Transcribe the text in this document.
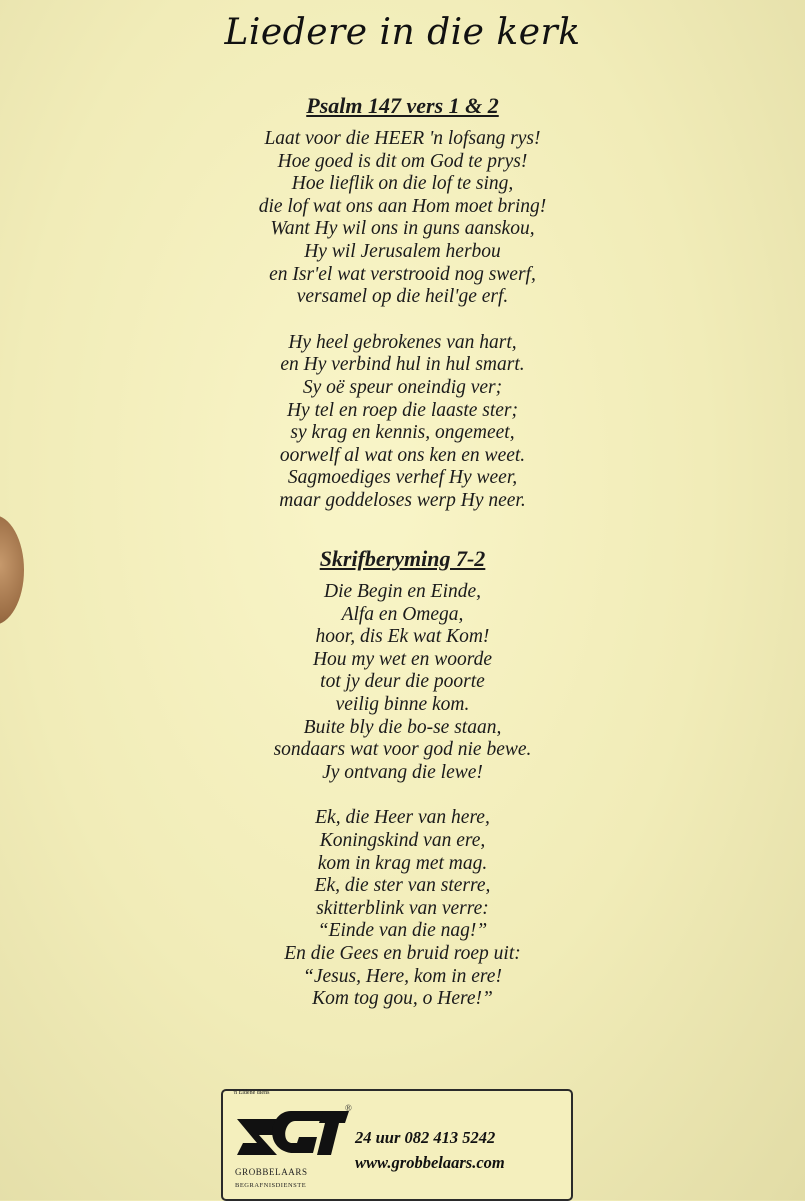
Liedere in die kerk
Psalm 147 vers 1 & 2
Laat voor die HEER 'n lofsang rys!
Hoe goed is dit om God te prys!
Hoe lieflik on die lof te sing,
die lof wat ons aan Hom moet bring!
Want Hy wil ons in guns aanskou,
Hy wil Jerusalem herbou
en Isr'el wat verstrooid nog swerf,
versamel op die heil'ge erf.
Hy heel gebrokenes van hart,
en Hy verbind hul in hul smart.
Sy oë speur oneindig ver;
Hy tel en roep die laaste ster;
sy krag en kennis, ongemeet,
oorwelf al wat ons ken en weet.
Sagmoediges verhef Hy weer,
maar goddeloses werp Hy neer.
Skrifberyming 7-2
Die Begin en Einde,
Alfa en Omega,
hoor, dis Ek wat Kom!
Hou my wet en woorde
tot jy deur die poorte
veilig binne kom.
Buite bly die bo-se staan,
sondaars wat voor god nie bewe.
Jy ontvang die lewe!
Ek, die Heer van here,
Koningskind van ere,
kom in krag met mag.
Ek, die ster van sterre,
skitterblink van verre:
“Einde van die nag!”
En die Gees en bruid roep uit:
“Jesus, Here, kom in ere!
Kom tog gou, o Here!”
'n Eldene diens
®
GROBBELAARS
BEGRAFNISDIENSTE
24 uur 082 413 5242
www.grobbelaars.com
